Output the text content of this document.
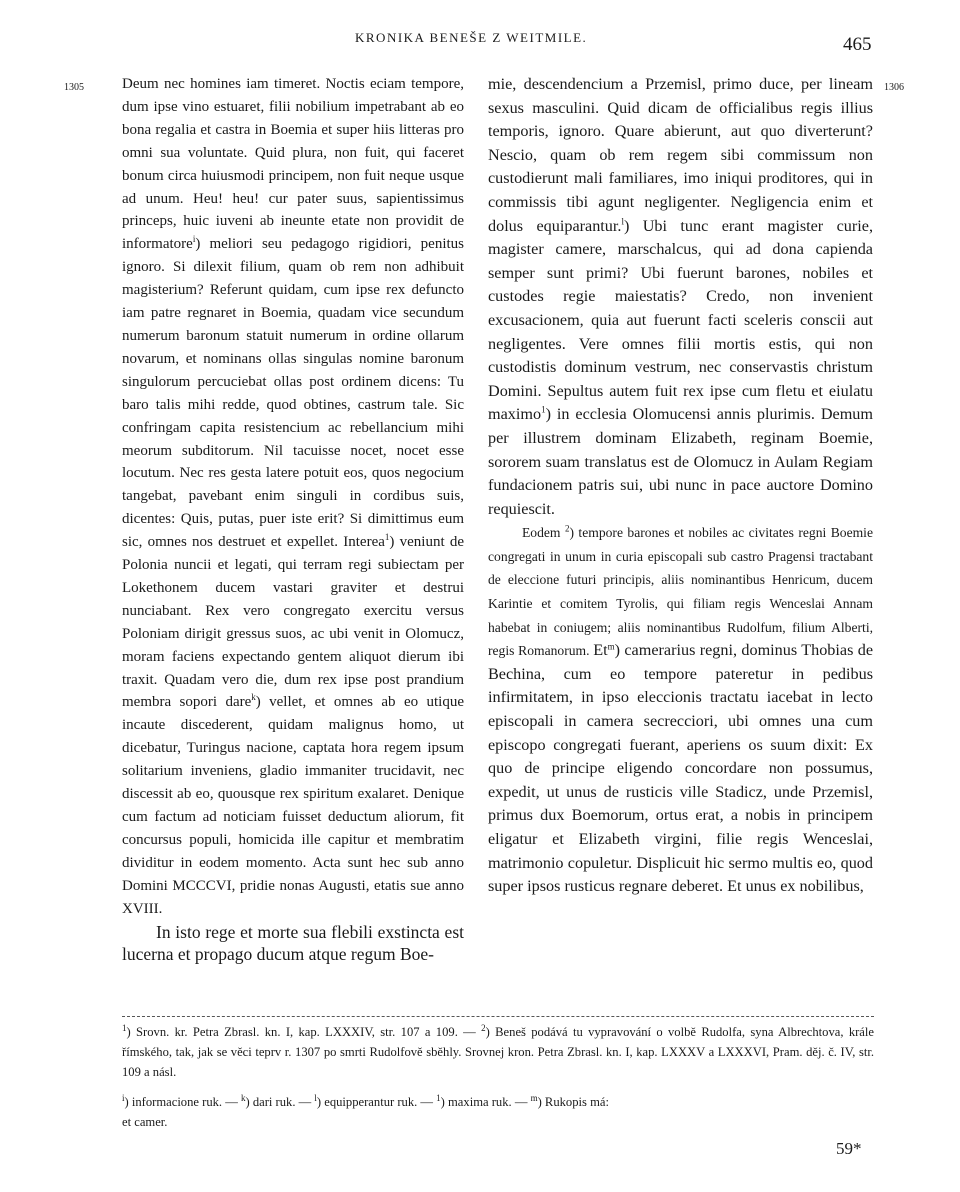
KRONIKA BENEŠE Z WEITMILE.	465
1305	1306

Deum nec homines iam timeret. Noctis eciam tempore, dum ipse vino estuaret, filii nobilium impetrabant ab eo bona regalia et castra in Boemia et super hiis litteras pro omni sua voluntate. Quid plura, non fuit, qui faceret bonum circa huiusmodi principem, non fuit neque usque ad unum. Heu! heu! cur pater suus, sapientissimus princeps, huic iuveni ab ineunte etate non providit de informatore$^i$) meliori seu pedagogo rigidiori, penitus ignoro. Si dilexit filium, quam ob rem non adhibuit magisterium? Referunt quidam, cum ipse rex defuncto iam patre regnaret in Boemia, quadam vice secundum numerum baronum statuit numerum in ordine ollarum novarum, et nominans ollas singulas nomine baronum singulorum percuciebat ollas post ordinem dicens: Tu baro talis mihi redde, quod obtines, castrum tale. Sic confringam capita resistencium ac rebellancium mihi meorum subditorum. Nil tacuisse nocet, nocet esse locutum. Nec res gesta latere potuit eos, quos negocium tangebat, pavebant enim singuli in cordibus suis, dicentes: Quis, putas, puer iste erit? Si dimittimus eum sic, omnes nos destruet et expellet. Interea$^1$) veniunt de Polonia nuncii et legati, qui terram regi subiectam per Lokethonem ducem vastari graviter et destrui nunciabant. Rex vero congregato exercitu versus Poloniam dirigit gressus suos, ac ubi venit in Olomucz, moram faciens expectando gentem aliquot dierum ibi traxit. Quadam vero die, dum rex ipse post prandium membra sopori dare$^k$) vellet, et omnes ab eo utique incaute discederent, quidam malignus homo, ut dicebatur, Turingus nacione, captata hora regem ipsum solitarium inveniens, gladio immaniter trucidavit, nec discessit ab eo, quousque rex spiritum exalaret. Denique cum factum ad noticiam fuisset deductum aliorum, fit concursus populi, homicida ille capitur et membratim dividitur in eodem momento. Acta sunt hec sub anno Domini MCCCVI, pridie nonas Augusti, etatis sue anno XVIII.

In isto rege et morte sua flebili exstincta est lucerna et propago ducum atque regum Boe-

mie, descendencium a Przemisl, primo duce, per lineam sexus masculini. Quid dicam de officialibus regis illius temporis, ignoro. Quare abierunt, aut quo diverterunt? Nescio, quam ob rem regem sibi commissum non custodierunt mali familiares, imo iniqui proditores, qui in commissis tibi agunt negligenter. Negligencia enim et dolus equiparantur.$^l$) Ubi tunc erant magister curie, magister camere, marschalcus, qui ad dona capienda semper sunt primi? Ubi fuerunt barones, nobiles et custodes regie maiestatis? Credo, non invenient excusacionem, quia aut fuerunt facti sceleris conscii aut negligentes. Vere omnes filii mortis estis, qui non custodistis dominum vestrum, nec conservastis christum Domini. Sepultus autem fuit rex ipse cum fletu et eiulatu maximo$^1$) in ecclesia Olomucensi annis plurimis. Demum per illustrem dominam Elizabeth, reginam Boemie, sororem suam translatus est de Olomucz in Aulam Regiam fundacionem patris sui, ubi nunc in pace auctore Domino requiescit.

Eodem $^2$) tempore barones et nobiles ac civitates regni Boemie congregati in unum in curia episcopali sub castro Pragensi tractabant de eleccione futuri principis, aliis nominantibus Henricum, ducem Karintie et comitem Tyrolis, qui filiam regis Wenceslai Annam habebat in coniugem; aliis nominantibus Rudolfum, filium Alberti, regis Romanorum. Et$^m$) camerarius regni, dominus Thobias de Bechina, cum eo tempore pateretur in pedibus infirmitatem, in ipso eleccionis tractatu iacebat in lecto episcopali in camera secrecciori, ubi omnes una cum episcopo congregati fuerant, aperiens os suum dixit: Ex quo de principe eligendo concordare non possumus, expedit, ut unus de rusticis ville Stadicz, unde Przemisl, primus dux Boemorum, ortus erat, a nobis in principem eligatur et Elizabeth virgini, filie regis Wenceslai, matrimonio copuletur. Displicuit hic sermo multis eo, quod super ipsos rusticus regnare deberet. Et unus ex nobilibus,

$^1$) Srovn. kr. Petra Zbrasl. kn. I, kap. LXXXIV, str. 107 a 109. — $^2$) Beneš podává tu vypravování o volbě Rudolfa, syna Albrechtova, krále římského, tak, jak se věci teprv r. 1307 po smrti Rudolfově sběhly. Srovnej kron. Petra Zbrasl. kn. I, kap. LXXXV a LXXXVI, Pram. děj. č. IV, str. 109 a násl.

$^i$) informacione ruk. — $^k$) dari ruk. — $^l$) equipperantur ruk. — $^1$) maxima ruk. — $^m$) Rukopis má:

et camer.

59*
